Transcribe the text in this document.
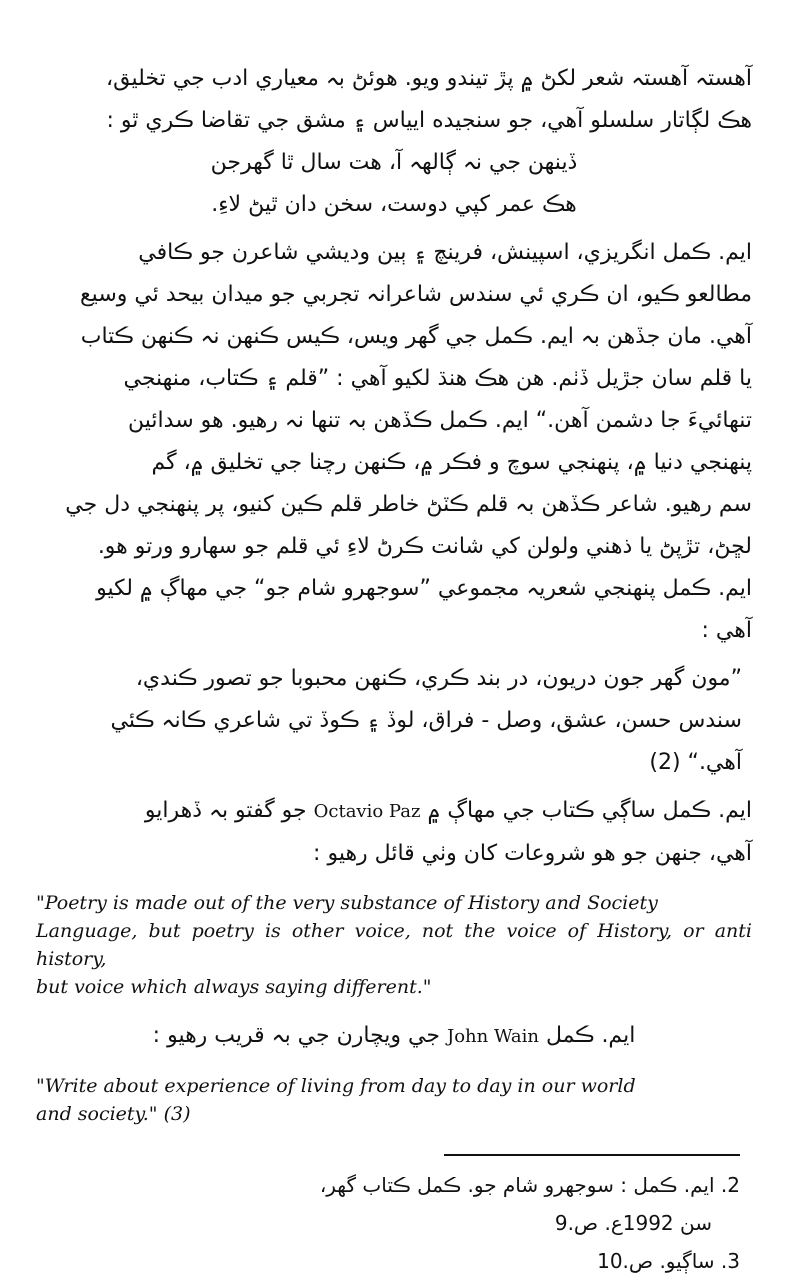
آهستہ آهستہ شعر لکڻ ۾ پڙ تيندو ويو. هوئڻ بہ معياري ادب جي تخليق،
هڪ لڳاتار سلسلو آهي، جو سنجيده ايياس ۽ مشق جي تقاضا ڪري ٿو :
ڏينهن جي نہ ڳالهہ آ، هت سال ٿا گهرجن
هڪ عمر کپي دوست، سخن دان ٿيڻ لاءِ.
ايم. ڪمل انگريزي، اسپينش، فرينچ ۽ ٻين وديشي شاعرن جو ڪافي
مطالعو ڪيو، ان ڪري ئي سندس شاعرانہ تجربي جو ميدان بيحد ئي وسيع
آهي. مان جڏهن بہ ايم. ڪمل جي گهر ويس، ڪيس ڪنهن نہ ڪنهن ڪتاب
يا قلم سان جڙيل ڏٺم. هن هڪ هنڌ لکيو آهي : ”قلم ۽ ڪتاب، منهنجي
تنهائيءَ جا دشمن آهن.“ ايم. ڪمل ڪڏهن بہ تنها نہ رهيو. هو سدائين
پنهنجي دنيا ۾، پنهنجي سوچ و فڪر ۾، ڪنهن رچنا جي تخليق ۾، گم
سم رهيو. شاعر ڪڏهن بہ قلم ڪٽڻ خاطر قلم ڪين کنيو، پر پنهنجي دل جي
لڇڻ، تڙپڻ يا ذهني ولولن کي شانت ڪرڻ لاءِ ئي قلم جو سهارو ورتو هو.
ايم. ڪمل پنهنجي شعريہ مجموعي ”سوجهرو شام جو“ جي مهاڳ ۾ لکيو
آهي :
”مون گهر جون دريون، در بند ڪري، ڪنهن محبوبا جو تصور ڪندي،
سندس حسن، عشق، وصل - فراق، لوڏ ۽ ڪوڏ تي شاعري ڪانہ ڪئي
آهي.“ (2)
ايم. ڪمل ساڳي ڪتاب جي مهاڳ ۾ Octavio Paz جو گفتو بہ ڏهرايو
آهي، جنهن جو هو شروعات کان وٺي قائل رهيو :
"Poetry is made out of the very substance of History and Society
Language, but poetry is other voice, not the voice of History, or anti history,
but voice which always saying different."
ايم. ڪمل John Wain جي ويچارن جي بہ قريب رهيو :
"Write about experience of living from day to day in our world
and society." (3)
2. ايم. ڪمل : سوجهرو شام جو. ڪمل ڪتاب گهر،
سن 1992ع. ص.9
3. ساڳيو. ص.10
